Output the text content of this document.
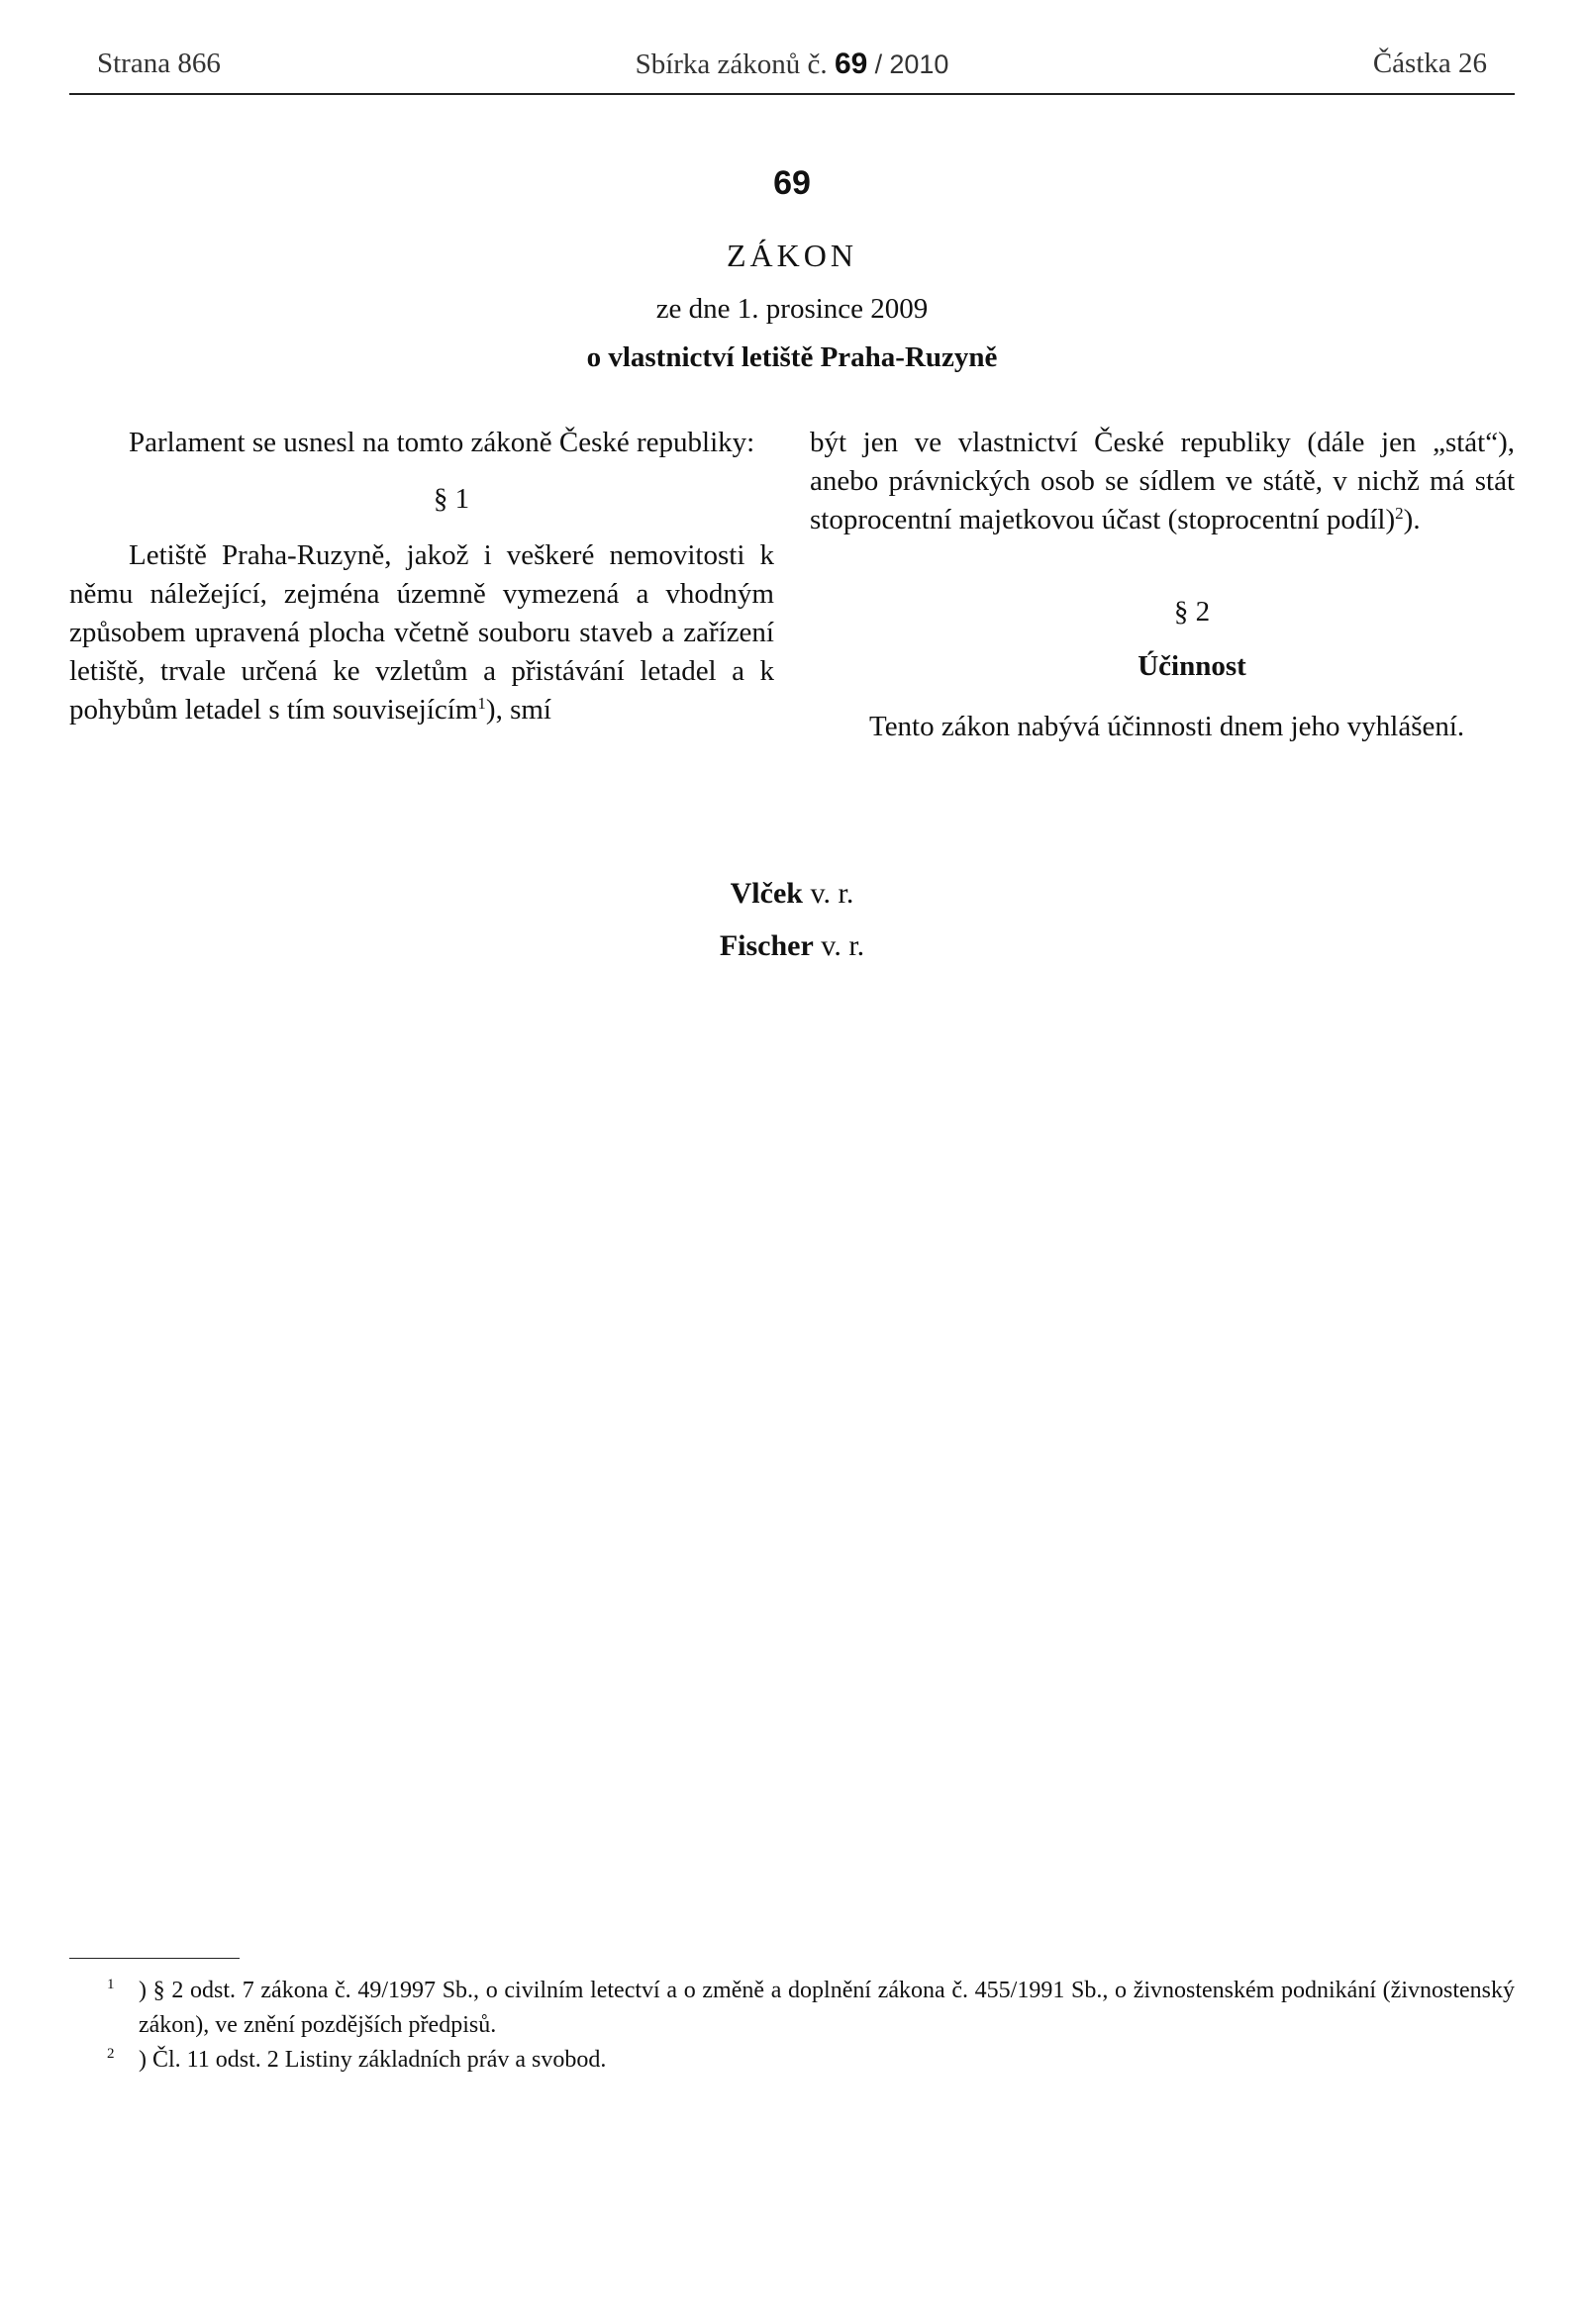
Strana 866	Sbírka zákonů č. 69 / 2010	Částka 26
69
ZÁKON
ze dne 1. prosince 2009
o vlastnictví letiště Praha-Ruzyně

Parlament se usnesl na tomto zákoně České republiky:

§ 1

Letiště Praha-Ruzyně, jakož i veškeré nemovitosti k němu náležející, zejména územně vymezená a vhodným způsobem upravená plocha včetně souboru staveb a zařízení letiště, trvale určená ke vzletům a přistávání letadel a k pohybům letadel s tím souvisejícím$^1$), smí

být jen ve vlastnictví České republiky (dále jen „stát“), anebo právnických osob se sídlem ve státě, v nichž má stát stoprocentní majetkovou účast (stoprocentní podíl)$^2$).

§ 2

Účinnost

Tento zákon nabývá účinnosti dnem jeho vyhlášení.

Vlček v. r.
Fischer v. r.
$^1$	) § 2 odst. 7 zákona č. 49/1997 Sb., o civilním letectví a o změně a doplnění zákona č. 455/1991 Sb., o živnostenském podnikání (živnostenský zákon), ve znění pozdějších předpisů.
$^2$	) Čl. 11 odst. 2 Listiny základních práv a svobod.
